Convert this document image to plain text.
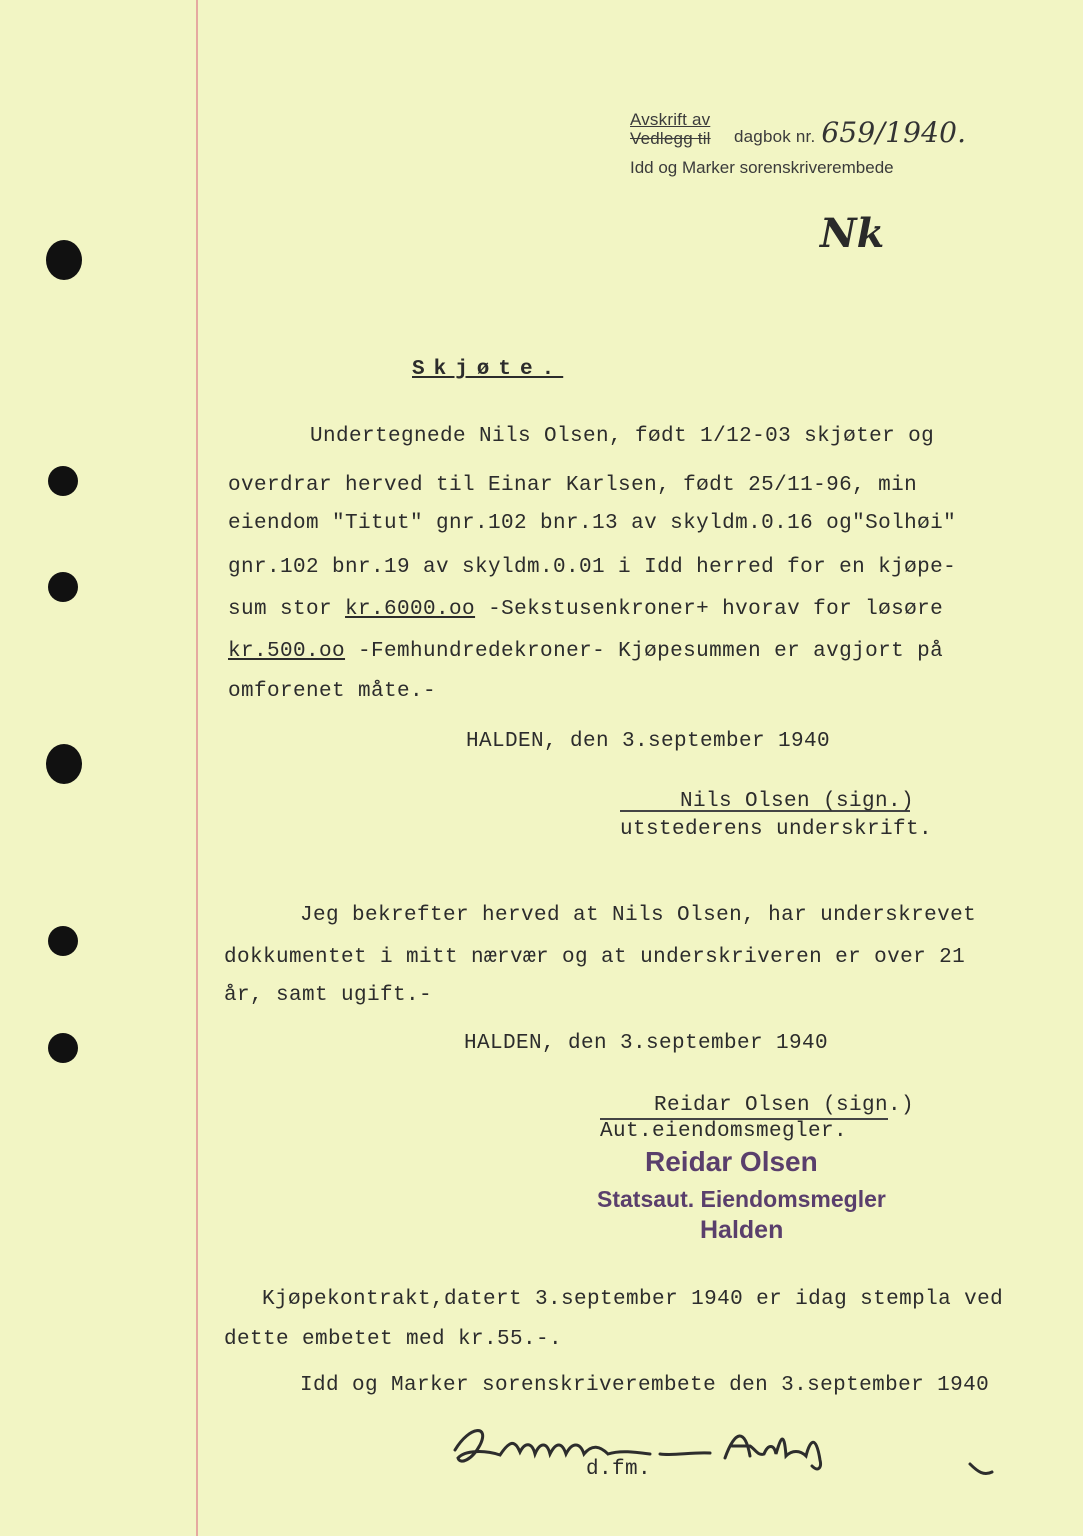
Avskrift av
Vedlegg til dagbok nr. 659/1940.
Idd og Marker sorenskriverembede
Nk
Skjøte.
Undertegnede Nils Olsen, født 1/12-03 skjøter og
overdrar herved til Einar Karlsen, født 25/11-96, min
eiendom "Titut" gnr.102 bnr.13 av skyldm.0.16 og"Solhøi"
gnr.102 bnr.19 av skyldm.0.01 i Idd herred for en kjøpe-
sum stor kr.6000.oo -Sekstusenkroner+ hvorav for løsøre
kr.500.oo -Femhundredekroner- Kjøpesummen er avgjort på
omforenet måte.-
HALDEN, den 3.september 1940
Nils Olsen (sign.)
utstederens underskrift.
Jeg bekrefter herved at Nils Olsen, har underskrevet
dokkumentet i mitt nærvær og at underskriveren er over 21
år, samt ugift.-
HALDEN, den 3.september 1940
Reidar Olsen (sign.)
Aut.eiendomsmegler.
Reidar Olsen
Statsaut. Eiendomsmegler
Halden
Kjøpekontrakt,datert 3.september 1940 er idag stempla ved
dette embetet med kr.55.-.
Idd og Marker sorenskriverembete den 3.september 1940
d.fm.
